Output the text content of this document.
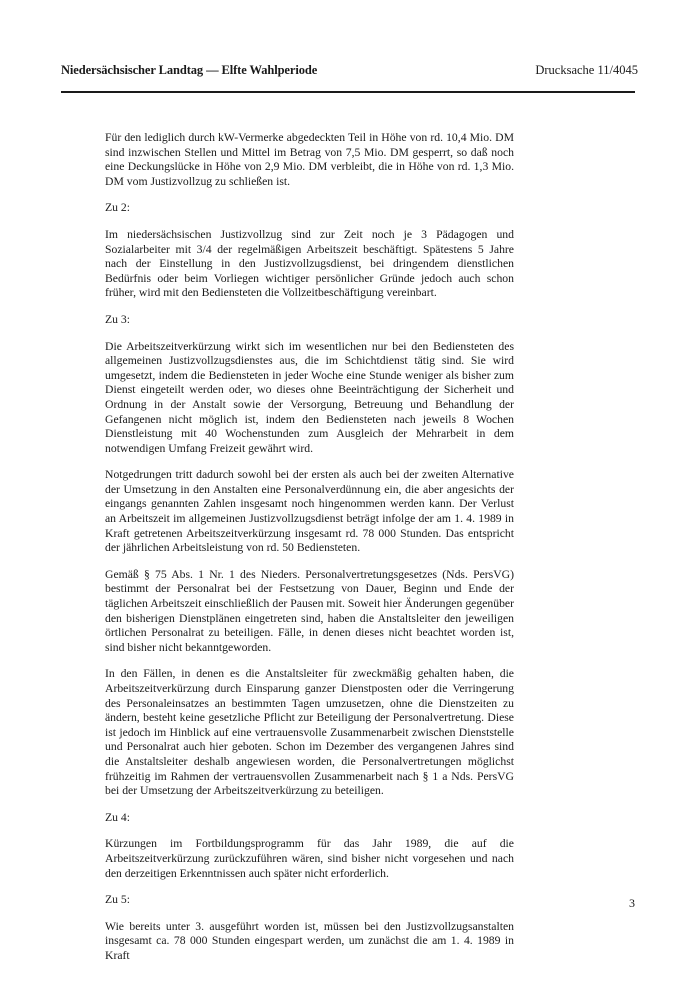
Niedersächsischer Landtag — Elfte Wahlperiode	Drucksache 11/4045

Für den lediglich durch kW-Vermerke abgedeckten Teil in Höhe von rd. 10,4 Mio. DM sind inzwischen Stellen und Mittel im Betrag von 7,5 Mio. DM gesperrt, so daß noch eine Deckungslücke in Höhe von 2,9 Mio. DM verbleibt, die in Höhe von rd. 1,3 Mio. DM vom Justizvollzug zu schließen ist.

Zu 2:

Im niedersächsischen Justizvollzug sind zur Zeit noch je 3 Pädagogen und Sozialarbeiter mit 3/4 der regelmäßigen Arbeitszeit beschäftigt. Spätestens 5 Jahre nach der Einstellung in den Justizvollzugsdienst, bei dringendem dienstlichen Bedürfnis oder beim Vorliegen wichtiger persönlicher Gründe jedoch auch schon früher, wird mit den Bediensteten die Vollzeitbeschäftigung vereinbart.

Zu 3:

Die Arbeitszeitverkürzung wirkt sich im wesentlichen nur bei den Bediensteten des allgemeinen Justizvollzugsdienstes aus, die im Schichtdienst tätig sind. Sie wird umgesetzt, indem die Bediensteten in jeder Woche eine Stunde weniger als bisher zum Dienst eingeteilt werden oder, wo dieses ohne Beeinträchtigung der Sicherheit und Ordnung in der Anstalt sowie der Versorgung, Betreuung und Behandlung der Gefangenen nicht möglich ist, indem den Bediensteten nach jeweils 8 Wochen Dienstleistung mit 40 Wochenstunden zum Ausgleich der Mehrarbeit in dem notwendigen Umfang Freizeit gewährt wird.

Notgedrungen tritt dadurch sowohl bei der ersten als auch bei der zweiten Alternative der Umsetzung in den Anstalten eine Personalverdünnung ein, die aber angesichts der eingangs genannten Zahlen insgesamt noch hingenommen werden kann. Der Verlust an Arbeitszeit im allgemeinen Justizvollzugsdienst beträgt infolge der am 1. 4. 1989 in Kraft getretenen Arbeitszeitverkürzung insgesamt rd. 78 000 Stunden. Das entspricht der jährlichen Arbeitsleistung von rd. 50 Bediensteten.

Gemäß § 75 Abs. 1 Nr. 1 des Nieders. Personalvertretungsgesetzes (Nds. PersVG) bestimmt der Personalrat bei der Festsetzung von Dauer, Beginn und Ende der täglichen Arbeitszeit einschließlich der Pausen mit. Soweit hier Änderungen gegenüber den bisherigen Dienstplänen eingetreten sind, haben die Anstaltsleiter den jeweiligen örtlichen Personalrat zu beteiligen. Fälle, in denen dieses nicht beachtet worden ist, sind bisher nicht bekanntgeworden.

In den Fällen, in denen es die Anstaltsleiter für zweckmäßig gehalten haben, die Arbeitszeitverkürzung durch Einsparung ganzer Dienstposten oder die Verringerung des Personaleinsatzes an bestimmten Tagen umzusetzen, ohne die Dienstzeiten zu ändern, besteht keine gesetzliche Pflicht zur Beteiligung der Personalvertretung. Diese ist jedoch im Hinblick auf eine vertrauensvolle Zusammenarbeit zwischen Dienststelle und Personalrat auch hier geboten. Schon im Dezember des vergangenen Jahres sind die Anstaltsleiter deshalb angewiesen worden, die Personalvertretungen möglichst frühzeitig im Rahmen der vertrauensvollen Zusammenarbeit nach § 1 a Nds. PersVG bei der Umsetzung der Arbeitszeitverkürzung zu beteiligen.

Zu 4:

Kürzungen im Fortbildungsprogramm für das Jahr 1989, die auf die Arbeitszeitverkürzung zurückzuführen wären, sind bisher nicht vorgesehen und nach den derzeitigen Erkenntnissen auch später nicht erforderlich.

Zu 5:

Wie bereits unter 3. ausgeführt worden ist, müssen bei den Justizvollzugsanstalten insgesamt ca. 78 000 Stunden eingespart werden, um zunächst die am 1. 4. 1989 in Kraft

3
